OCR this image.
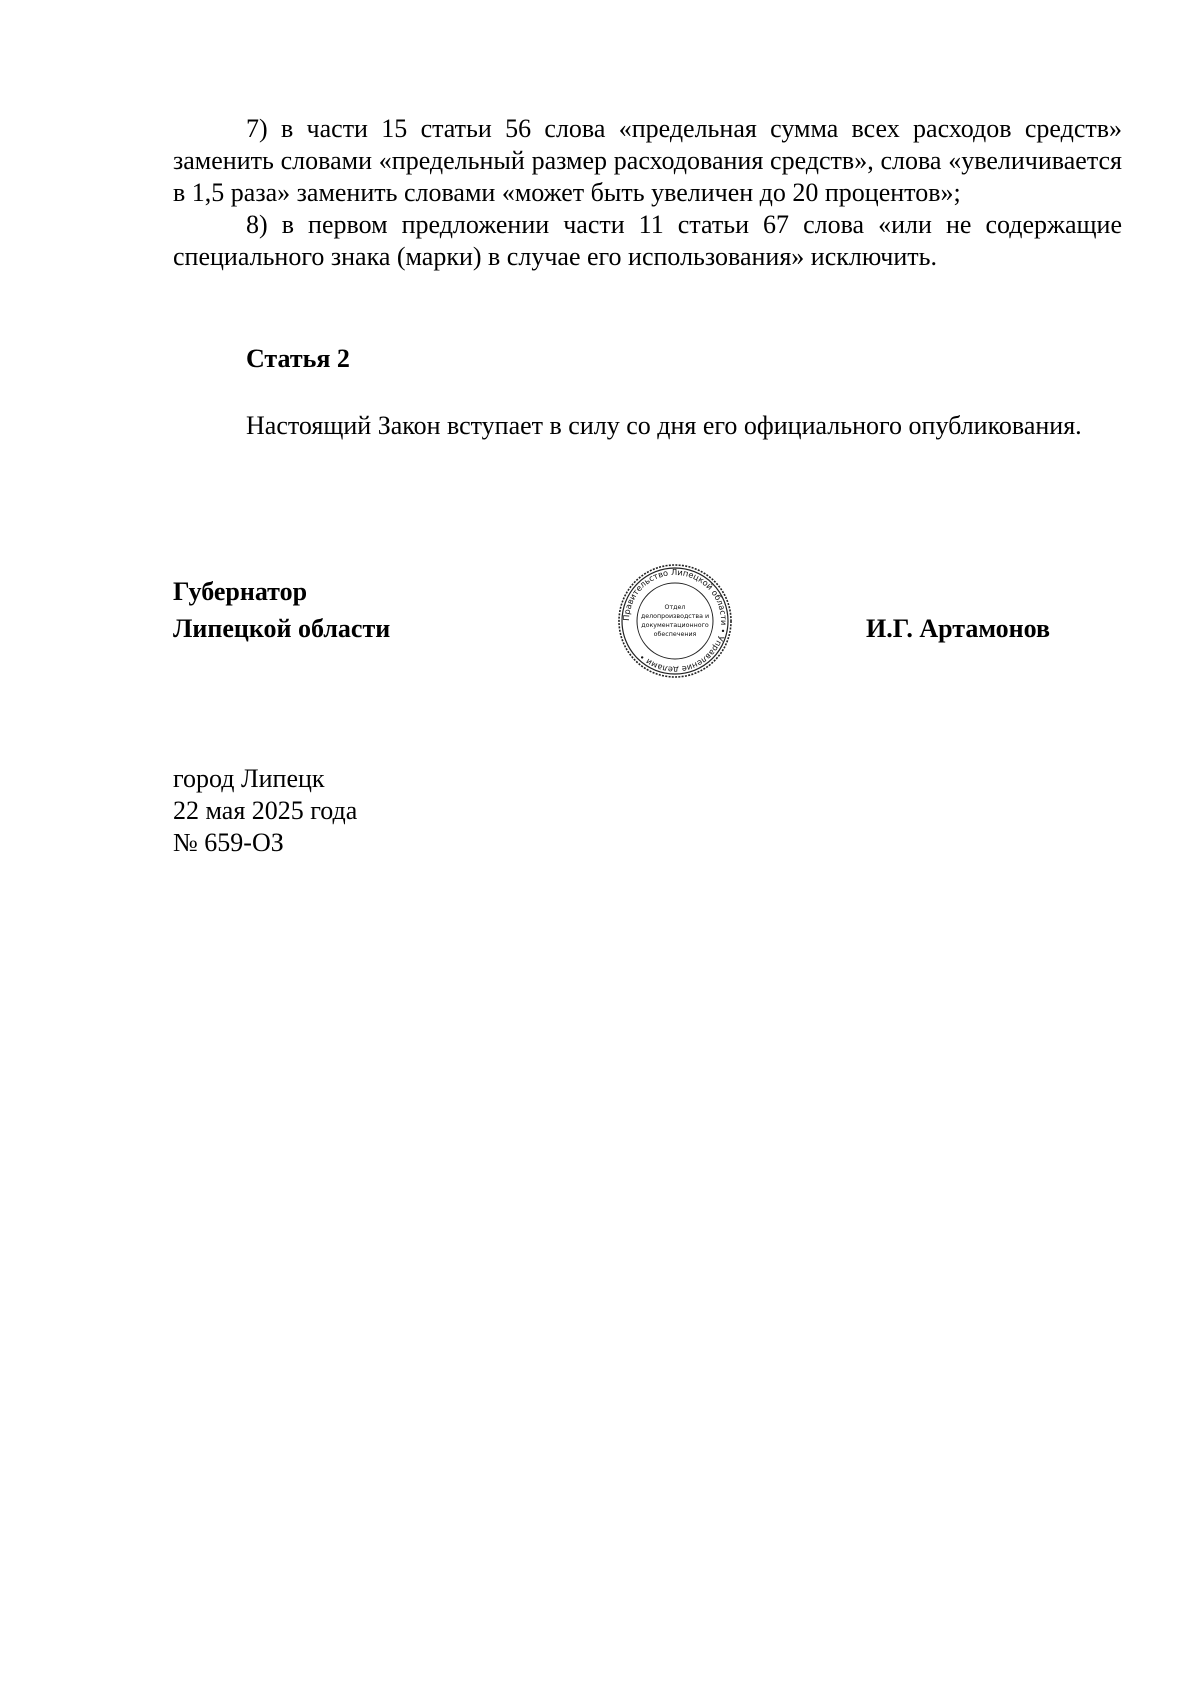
7) в части 15 статьи 56 слова «предельная сумма всех расходов средств» заменить словами «предельный размер расходования средств», слова «увеличивается в 1,5 раза» заменить словами «может быть увеличен до 20 процентов»;

8) в первом предложении части 11 статьи 67 слова «или не содержащие специального знака (марки) в случае его использования» исключить.

Статья 2

Настоящий Закон вступает в силу со дня его официального опубликования.

Губернатор
Липецкой области	Правительство Липецкой области • Управление делами •
Отдел
делопроизводства и
документационного
обеспечения	И.Г. Артамонов
город Липецк
22 мая 2025 года
№ 659-ОЗ
